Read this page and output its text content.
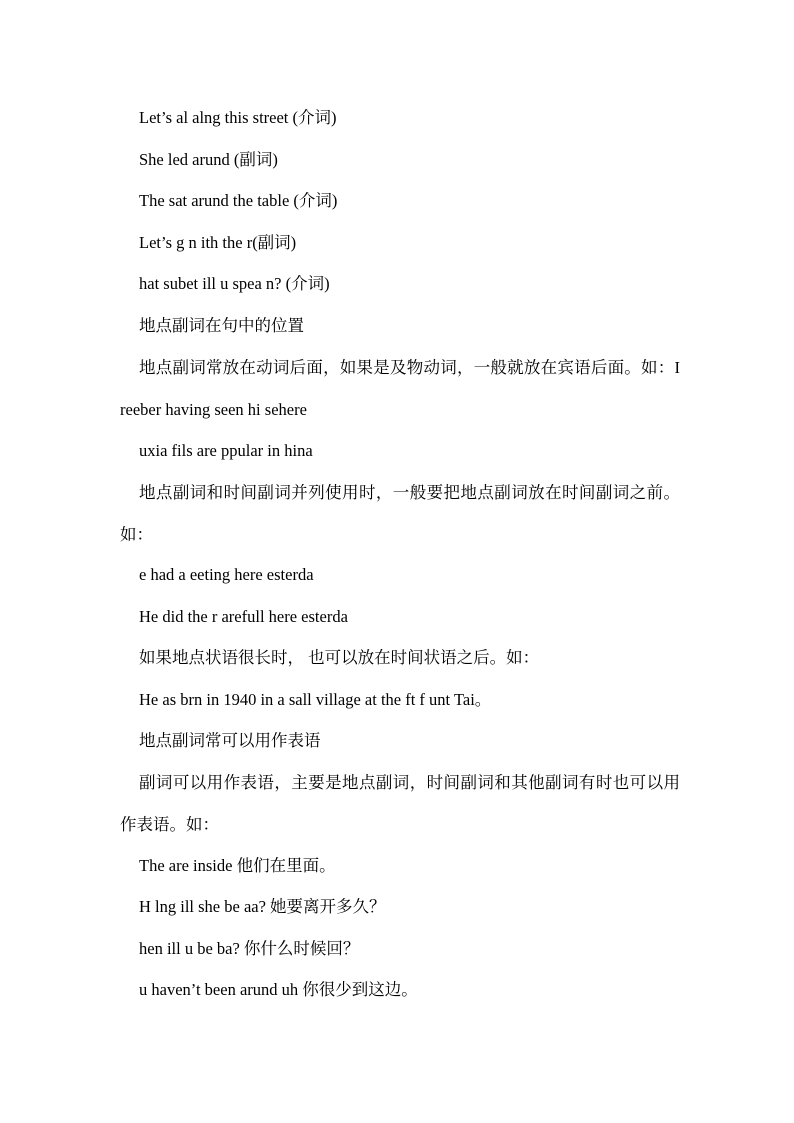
Let’s al alng this street (介词)
She led arund (副词)
The sat arund the table (介词)
Let’s g n ith the r(副词)
hat subet ill u spea n? (介词)
地点副词在句中的位置
地点副词常放在动词后面，如果是及物动词，一般就放在宾语后面。如：I reeber having seen hi sehere
uxia fils are ppular in hina
地点副词和时间副词并列使用时，一般要把地点副词放在时间副词之前。如：
e had a eeting here esterda
He did the r arefull here esterda
如果地点状语很长时， 也可以放在时间状语之后。如：
He as brn in 1940 in a sall village at the ft f unt Tai。
地点副词常可以用作表语
副词可以用作表语，主要是地点副词，时间副词和其他副词有时也可以用作表语。如：
The are inside 他们在里面。
H lng ill she be aa? 她要离开多久？
hen ill u be ba? 你什么时候回？
u haven’t been arund uh 你很少到这边。
